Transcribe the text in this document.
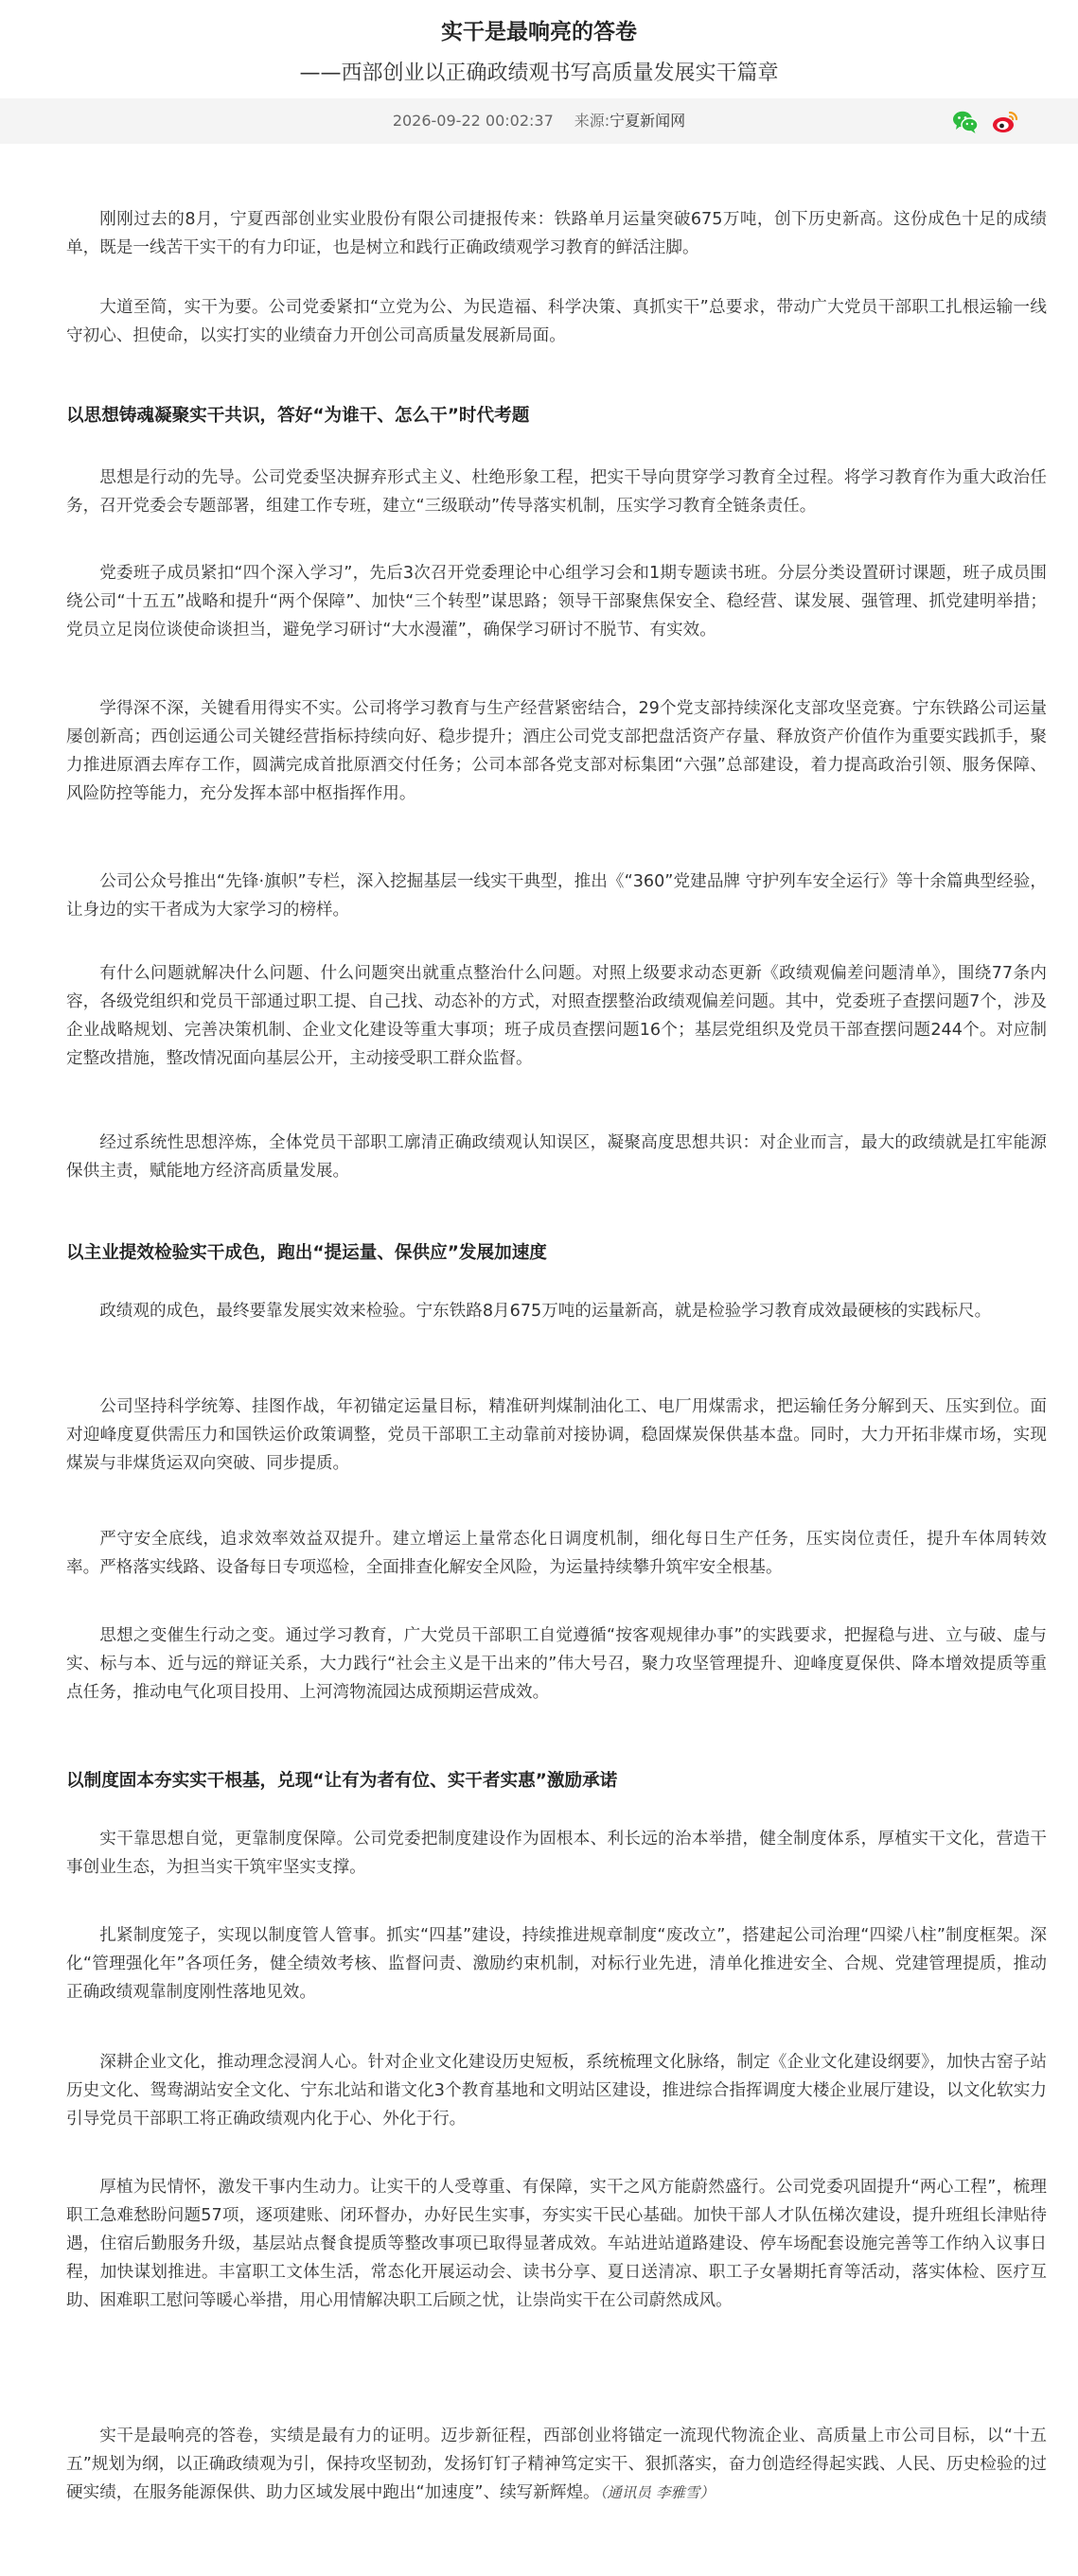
实干是最响亮的答卷
——西部创业以正确政绩观书写高质量发展实干篇章
2026-09-22 00:02:37 来源:宁夏新闻网

刚刚过去的8月，宁夏西部创业实业股份有限公司捷报传来：铁路单月运量突破675万吨，创下历史新高。这份成色十足的成绩单，既是一线苦干实干的有力印证，也是树立和践行正确政绩观学习教育的鲜活注脚。

大道至简，实干为要。公司党委紧扣“立党为公、为民造福、科学决策、真抓实干”总要求，带动广大党员干部职工扎根运输一线守初心、担使命，以实打实的业绩奋力开创公司高质量发展新局面。

以思想铸魂凝聚实干共识，答好“为谁干、怎么干”时代考题

思想是行动的先导。公司党委坚决摒弃形式主义、杜绝形象工程，把实干导向贯穿学习教育全过程。将学习教育作为重大政治任务，召开党委会专题部署，组建工作专班，建立“三级联动”传导落实机制，压实学习教育全链条责任。

党委班子成员紧扣“四个深入学习”，先后3次召开党委理论中心组学习会和1期专题读书班。分层分类设置研讨课题，班子成员围绕公司“十五五”战略和提升“两个保障”、加快“三个转型”谋思路；领导干部聚焦保安全、稳经营、谋发展、强管理、抓党建明举措；党员立足岗位谈使命谈担当，避免学习研讨“大水漫灌”，确保学习研讨不脱节、有实效。

学得深不深，关键看用得实不实。公司将学习教育与生产经营紧密结合，29个党支部持续深化支部攻坚竞赛。宁东铁路公司运量屡创新高；西创运通公司关键经营指标持续向好、稳步提升；酒庄公司党支部把盘活资产存量、释放资产价值作为重要实践抓手，聚力推进原酒去库存工作，圆满完成首批原酒交付任务；公司本部各党支部对标集团“六强”总部建设，着力提高政治引领、服务保障、风险防控等能力，充分发挥本部中枢指挥作用。

公司公众号推出“先锋·旗帜”专栏，深入挖掘基层一线实干典型，推出《“360”党建品牌 守护列车安全运行》等十余篇典型经验，让身边的实干者成为大家学习的榜样。

有什么问题就解决什么问题、什么问题突出就重点整治什么问题。对照上级要求动态更新《政绩观偏差问题清单》，围绕77条内容，各级党组织和党员干部通过职工提、自己找、动态补的方式，对照查摆整治政绩观偏差问题。其中，党委班子查摆问题7个，涉及企业战略规划、完善决策机制、企业文化建设等重大事项；班子成员查摆问题16个；基层党组织及党员干部查摆问题244个。对应制定整改措施，整改情况面向基层公开，主动接受职工群众监督。

经过系统性思想淬炼，全体党员干部职工廓清正确政绩观认知误区，凝聚高度思想共识：对企业而言，最大的政绩就是扛牢能源保供主责，赋能地方经济高质量发展。

以主业提效检验实干成色，跑出“提运量、保供应”发展加速度

政绩观的成色，最终要靠发展实效来检验。宁东铁路8月675万吨的运量新高，就是检验学习教育成效最硬核的实践标尺。

公司坚持科学统筹、挂图作战，年初锚定运量目标，精准研判煤制油化工、电厂用煤需求，把运输任务分解到天、压实到位。面对迎峰度夏供需压力和国铁运价政策调整，党员干部职工主动靠前对接协调，稳固煤炭保供基本盘。同时，大力开拓非煤市场，实现煤炭与非煤货运双向突破、同步提质。

严守安全底线，追求效率效益双提升。建立增运上量常态化日调度机制，细化每日生产任务，压实岗位责任，提升车体周转效率。严格落实线路、设备每日专项巡检，全面排查化解安全风险，为运量持续攀升筑牢安全根基。

思想之变催生行动之变。通过学习教育，广大党员干部职工自觉遵循“按客观规律办事”的实践要求，把握稳与进、立与破、虚与实、标与本、近与远的辩证关系，大力践行“社会主义是干出来的”伟大号召，聚力攻坚管理提升、迎峰度夏保供、降本增效提质等重点任务，推动电气化项目投用、上河湾物流园达成预期运营成效。

以制度固本夯实实干根基，兑现“让有为者有位、实干者实惠”激励承诺

实干靠思想自觉，更靠制度保障。公司党委把制度建设作为固根本、利长远的治本举措，健全制度体系，厚植实干文化，营造干事创业生态，为担当实干筑牢坚实支撑。

扎紧制度笼子，实现以制度管人管事。抓实“四基”建设，持续推进规章制度“废改立”，搭建起公司治理“四梁八柱”制度框架。深化“管理强化年”各项任务，健全绩效考核、监督问责、激励约束机制，对标行业先进，清单化推进安全、合规、党建管理提质，推动正确政绩观靠制度刚性落地见效。

深耕企业文化，推动理念浸润人心。针对企业文化建设历史短板，系统梳理文化脉络，制定《企业文化建设纲要》，加快古窑子站历史文化、鸳鸯湖站安全文化、宁东北站和谐文化3个教育基地和文明站区建设，推进综合指挥调度大楼企业展厅建设，以文化软实力引导党员干部职工将正确政绩观内化于心、外化于行。

厚植为民情怀，激发干事内生动力。让实干的人受尊重、有保障，实干之风方能蔚然盛行。公司党委巩固提升“两心工程”，梳理职工急难愁盼问题57项，逐项建账、闭环督办，办好民生实事，夯实实干民心基础。加快干部人才队伍梯次建设，提升班组长津贴待遇，住宿后勤服务升级，基层站点餐食提质等整改事项已取得显著成效。车站进站道路建设、停车场配套设施完善等工作纳入议事日程，加快谋划推进。丰富职工文体生活，常态化开展运动会、读书分享、夏日送清凉、职工子女暑期托育等活动，落实体检、医疗互助、困难职工慰问等暖心举措，用心用情解决职工后顾之忧，让崇尚实干在公司蔚然成风。

实干是最响亮的答卷，实绩是最有力的证明。迈步新征程，西部创业将锚定一流现代物流企业、高质量上市公司目标，以“十五五”规划为纲，以正确政绩观为引，保持攻坚韧劲，发扬钉钉子精神笃定实干、狠抓落实，奋力创造经得起实践、人民、历史检验的过硬实绩，在服务能源保供、助力区域发展中跑出“加速度”、续写新辉煌。（通讯员 李雅雪）
